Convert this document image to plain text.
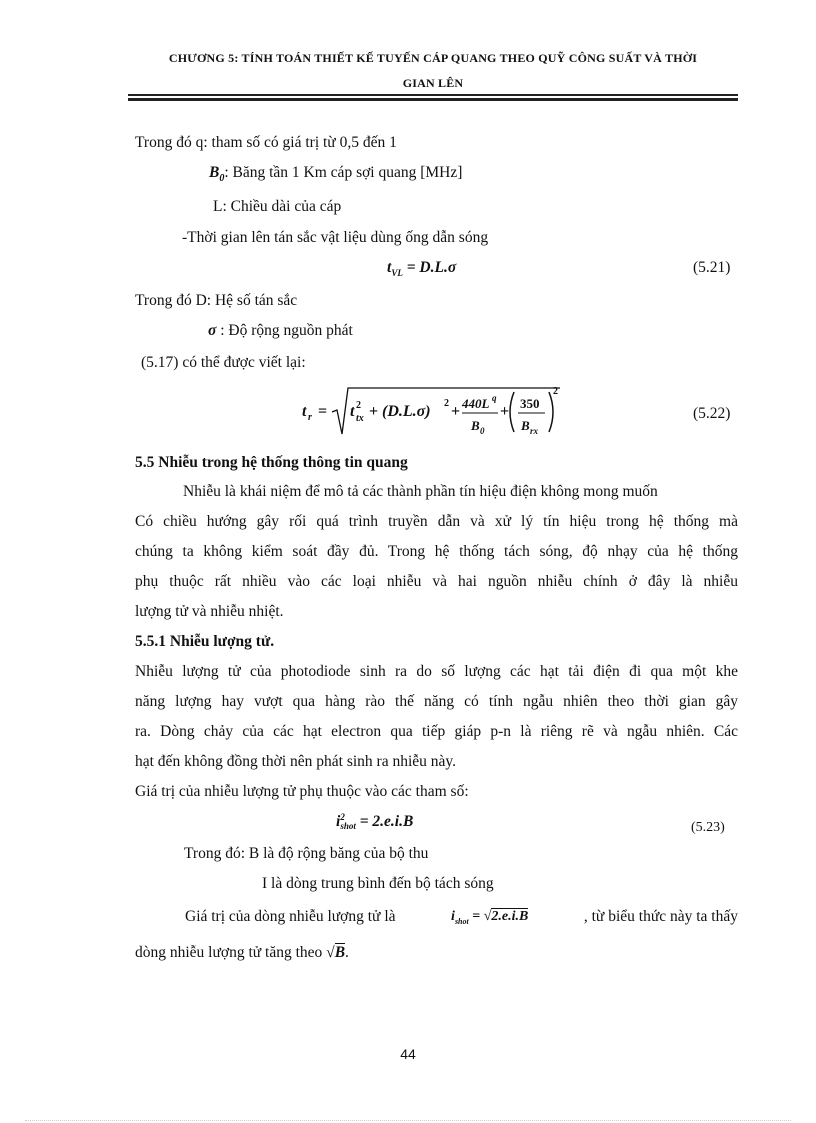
CHƯƠNG 5: TÍNH TOÁN THIẾT KẾ TUYẾN CÁP QUANG THEO QUỸ CÔNG SUẤT VÀ THỜI
GIAN LÊN
Trong đó q: tham số có giá trị từ 0,5 đến 1
$B_0$: Băng tần 1 Km cáp sợi quang [MHz]
L: Chiều dài của cáp
-Thời gian lên tán sắc vật liệu dùng ống dẫn sóng
$t_{VL} = D.L.\sigma$	(5.21)
Trong đó D: Hệ số tán sắc
σ : Độ rộng nguồn phát
(5.17) có thể được viết lại:
t r = t 2
tx + (D.L.σ) 2 + 440L q
B 0
+ 350
B rx
2
(5.22)
5.5 Nhiễu trong hệ thống thông tin quang
Nhiễu là khái niệm để mô tả các thành phần tín hiệu điện không mong muốn
Có chiều hướng gây rối quá trình truyền dẫn và xử lý tín hiệu trong hệ thống mà
chúng ta không kiểm soát đầy đủ. Trong hệ thống tách sóng, độ nhạy của hệ thống
phụ thuộc rất nhiều vào các loại nhiễu và hai nguồn nhiễu chính ở đây là nhiễu
lượng tử và nhiễu nhiệt.
5.5.1 Nhiễu lượng tử.
Nhiễu lượng tử của photodiode sinh ra do số lượng các hạt tải điện đi qua một khe
năng lượng hay vượt qua hàng rào thế năng có tính ngẫu nhiên theo thời gian gây
ra. Dòng chảy của các hạt electron qua tiếp giáp p-n là riêng rẽ và ngẫu nhiên. Các
hạt đến không đồng thời nên phát sinh ra nhiễu này.
Giá trị của nhiễu lượng tử phụ thuộc vào các tham số:
i 2
shot = 2.e.i.B	(5.23)
Trong đó: B là độ rộng băng của bộ thu
I là dòng trung bình đến bộ tách sóng
Giá trị của dòng nhiễu lượng tử là	$i_{shot} = √2.e.i.B$	, từ biểu thức này ta thấy
dòng nhiễu lượng tử tăng theo √B.
44
